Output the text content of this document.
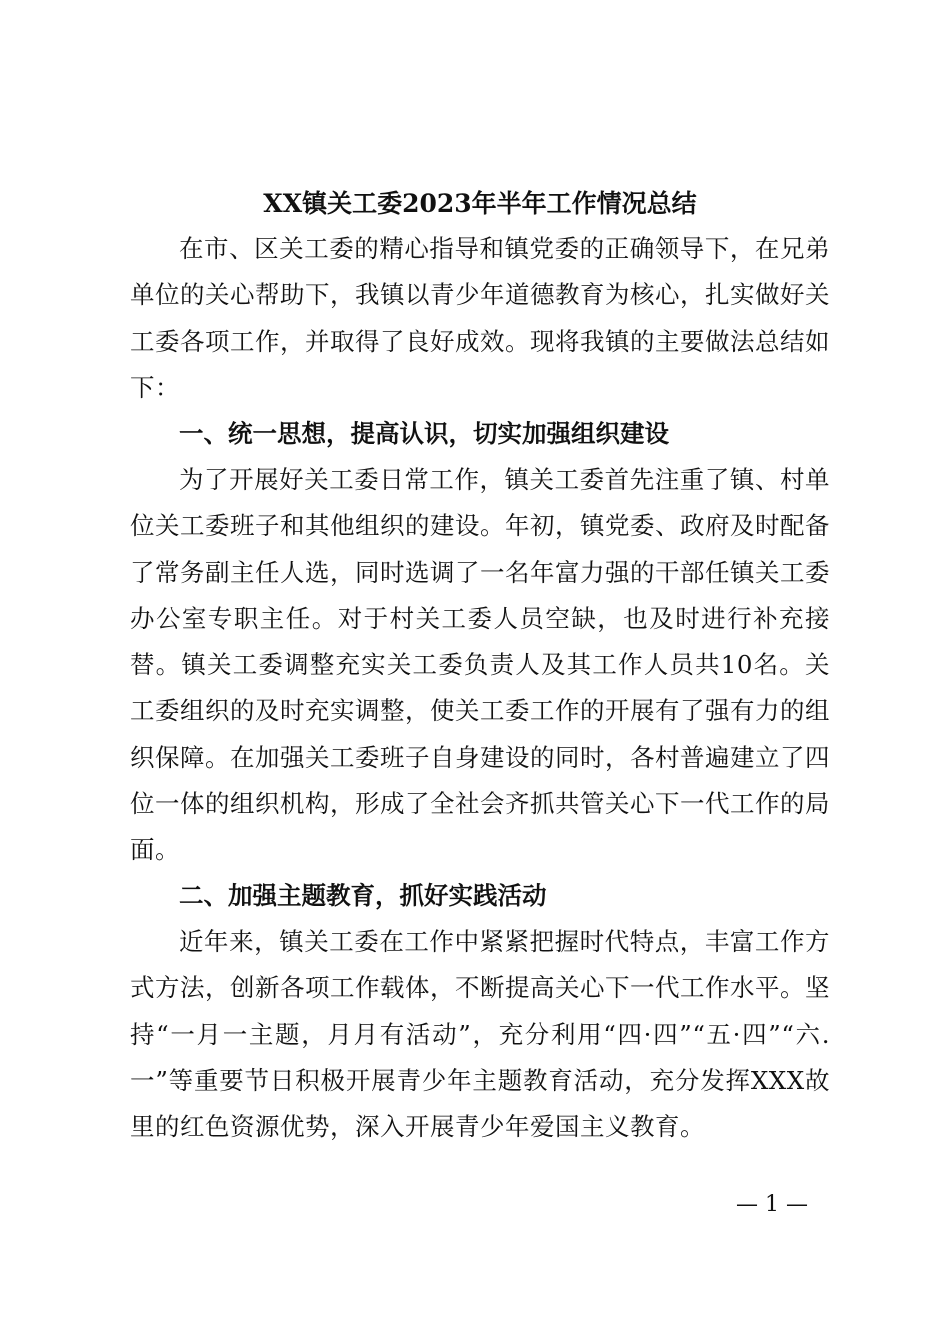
XX镇关工委2023年半年工作情况总结

在市、区关工委的精心指导和镇党委的正确领导下，在兄弟单位的关心帮助下，我镇以青少年道德教育为核心，扎实做好关工委各项工作，并取得了良好成效。现将我镇的主要做法总结如下：

一、统一思想，提高认识，切实加强组织建设

为了开展好关工委日常工作，镇关工委首先注重了镇、村单位关工委班子和其他组织的建设。年初，镇党委、政府及时配备了常务副主任人选，同时选调了一名年富力强的干部任镇关工委办公室专职主任。对于村关工委人员空缺，也及时进行补充接替。镇关工委调整充实关工委负责人及其工作人员共10名。关工委组织的及时充实调整，使关工委工作的开展有了强有力的组织保障。在加强关工委班子自身建设的同时，各村普遍建立了四位一体的组织机构，形成了全社会齐抓共管关心下一代工作的局面。

二、加强主题教育，抓好实践活动

近年来，镇关工委在工作中紧紧把握时代特点，丰富工作方式方法，创新各项工作载体，不断提高关心下一代工作水平。坚持“一月一主题，月月有活动”，充分利用“四·四”“五·四”“六.一”等重要节日积极开展青少年主题教育活动，充分发挥XXX故里的红色资源优势，深入开展青少年爱国主义教育。

— 1 —
